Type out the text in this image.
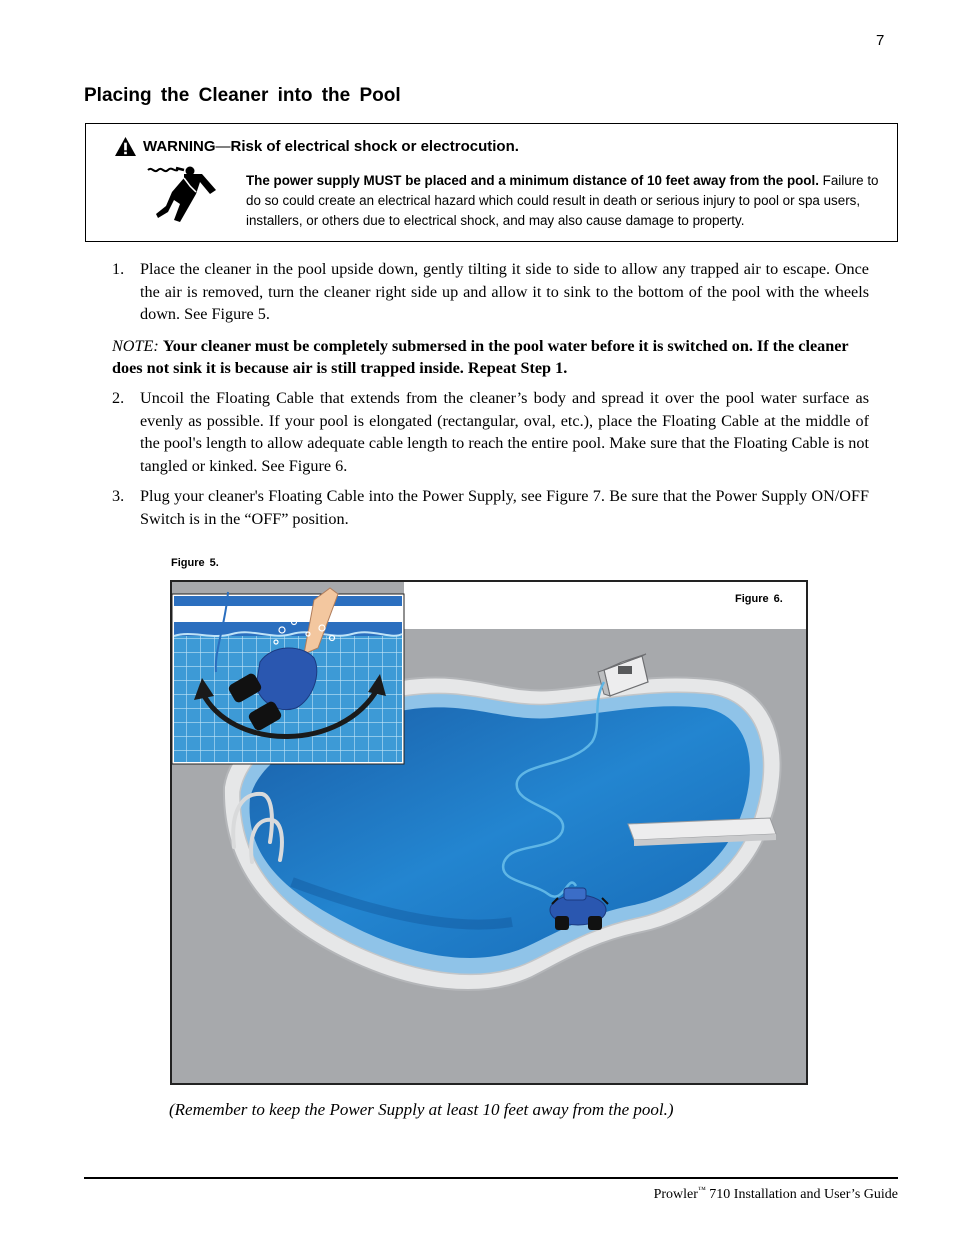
7
Placing the Cleaner into the Pool
WARNING — Risk of electrical shock or electrocution.
The power supply MUST be placed and a minimum distance of 10 feet away from the pool. Failure to do so could create an electrical hazard which could result in death or serious injury to pool or spa users, installers, or others due to electrical shock, and may also cause damage to property.
1. Place the cleaner in the pool upside down, gently tilting it side to side to allow any trapped air to escape. Once the air is removed, turn the cleaner right side up and allow it to sink to the bottom of the pool with the wheels down. See Figure 5.
NOTE: Your cleaner must be completely submersed in the pool water before it is switched on. If the cleaner does not sink it is because air is still trapped inside. Repeat Step 1.
2. Uncoil the Floating Cable that extends from the cleaner’s body and spread it over the pool water surface as evenly as possible. If your pool is elongated (rectangular, oval, etc.), place the Floating Cable at the middle of the pool's length to allow adequate cable length to reach the entire pool. Make sure that the Floating Cable is not tangled or kinked. See Figure 6.
3. Plug your cleaner's Floating Cable into the Power Supply, see Figure 7. Be sure that the Power Supply ON/OFF Switch is in the “OFF” position.
Figure 5.
Figure 6.
(Remember to keep the Power Supply at least 10 feet away from the pool.)
Prowler™ 710 Installation and User’s Guide
